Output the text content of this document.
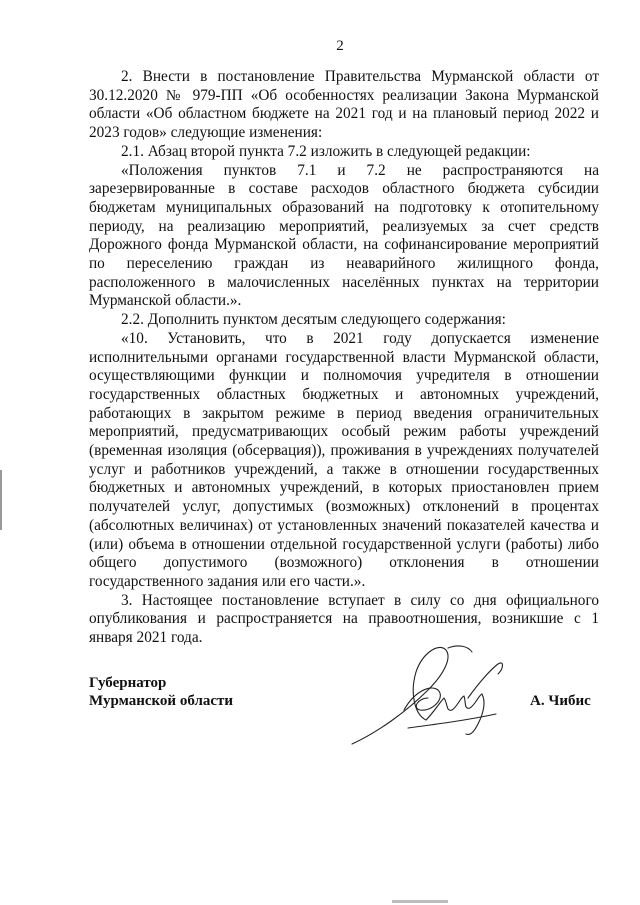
2

2. Внести в постановление Правительства Мурманской области от 30.12.2020 № 979-ПП «Об особенностях реализации Закона Мурманской области «Об областном бюджете на 2021 год и на плановый период 2022 и 2023 годов» следующие изменения:

2.1. Абзац второй пункта 7.2 изложить в следующей редакции:

«Положения пунктов 7.1 и 7.2 не распространяются на зарезервированные в составе расходов областного бюджета субсидии бюджетам муниципальных образований на подготовку к отопительному периоду, на реализацию мероприятий, реализуемых за счет средств Дорожного фонда Мурманской области, на софинансирование мероприятий по переселению граждан из неаварийного жилищного фонда, расположенного в малочисленных населённых пунктах на территории Мурманской области.».

2.2. Дополнить пунктом десятым следующего содержания:

«10. Установить, что в 2021 году допускается изменение исполнительными органами государственной власти Мурманской области, осуществляющими функции и полномочия учредителя в отношении государственных областных бюджетных и автономных учреждений, работающих в закрытом режиме в период введения ограничительных мероприятий, предусматривающих особый режим работы учреждений (временная изоляция (обсервация)), проживания в учреждениях получателей услуг и работников учреждений, а также в отношении государственных бюджетных и автономных учреждений, в которых приостановлен прием получателей услуг, допустимых (возможных) отклонений в процентах (абсолютных величинах) от установленных значений показателей качества и (или) объема в отношении отдельной государственной услуги (работы) либо общего допустимого (возможного) отклонения в отношении государственного задания или его части.».

3. Настоящее постановление вступает в силу со дня официального опубликования и распространяется на правоотношения, возникшие с 1 января 2021 года.

Губернатор
Мурманской области	А. Чибис
